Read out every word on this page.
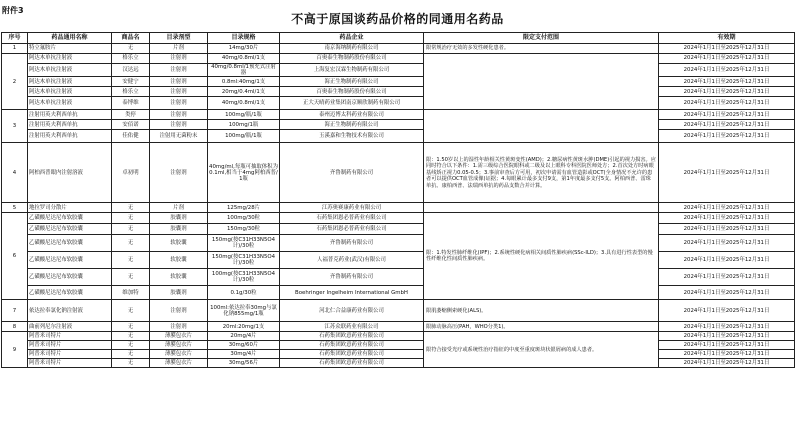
附件3
不高于原国谈药品价格的同通用名药品
序号	药品通用名称	商品名	目录剂型	目录规格	药品企业	限定支付范围	有效期
1	特立氟胺片	无	片剂	14mg/30片	南京海纳制药有限公司	限常规治疗无效的多发性硬化患者。	2024年1月1日至2025年12月31日
2	阿达木单抗注射液	格乐立	注射剂	40mg/0.8ml/1支	百奥泰生物制药股份有限公司		2024年1月1日至2025年12月31日
	阿达木单抗注射液	汉达远	注射剂	40mg/0.8ml/1预充式注射器	上海复宏汉霖生物制药有限公司		2024年1月1日至2025年12月31日
	阿达木单抗注射液	安健宁	注射剂	0.8ml:40mg/1支	海正生物制药有限公司		2024年1月1日至2025年12月31日
	阿达木单抗注射液	格乐立	注射剂	20mg/0.4ml/1支	百奥泰生物制药股份有限公司		2024年1月1日至2025年12月31日
	阿达木单抗注射液	泰博维	注射剂	40mg/0.8ml/1支	正大天晴药业集团南京顺欣制药有限公司		2024年1月1日至2025年12月31日
3	注射用英夫利西单抗	类停	注射剂	100mg/瓶/1瓶	泰州迈博太科药业有限公司		2024年1月1日至2025年12月31日
	注射用英夫利西单抗	安佰诺	注射剂	100mg/1瓶	海正生物制药有限公司		2024年1月1日至2025年12月31日
	注射用英夫利西单抗	佳佑健	注射用无菌粉末	100mg/瓶/1瓶	玉溪嘉和生物技术有限公司		2024年1月1日至2025年12月31日
4	阿柏西普眼内注射溶液	卓初明	注射剂	40mg/ml,每瓶可抽取体积为0.1ml,相当于4mg阿柏西普/1瓶	齐鲁制药有限公司	限：1.50岁以上的湿性年龄相关性黄斑变性(AMD)；2.糖尿病性黄斑水肿(DME)引起的视力损害。应同时符合以下条件：1.需三级综合医院眼科或二级及以上眼科专科医院医师处方；2.首次处方时病眼基线矫正视力0.05-0.5；3.事前审查后方可用，初次申请需有血管造影或OCT(全身情况不允许的患者可以提供OCT血管成像)证据；4.每眼累计最多支付9支，第1年度最多支付5支。阿柏西普、雷珠单抗、康柏西普、法瑞西单抗的药品支数合并计算。	2024年1月1日至2025年12月31日
5	地拉罗司分散片	无	片剂	125mg/28片	江苏奥赛康药业有限公司		2024年1月1日至2025年12月31日
6	乙磺酸尼达尼布软胶囊	无	胶囊剂	100mg/30粒	石药集团恩必普药业有限公司	限：1.特发性肺纤维化(IPF)；2.系统性硬化病相关间质性肺疾病(SSc-ILD)；3.具有进行性表型的慢性纤维化性间质性肺疾病。	2024年1月1日至2025年12月31日
	乙磺酸尼达尼布软胶囊	无	胶囊剂	150mg/30粒	石药集团恩必普药业有限公司		2024年1月1日至2025年12月31日
	乙磺酸尼达尼布软胶囊	无	软胶囊	150mg(按C31H33N5O4计)/30粒	齐鲁制药有限公司		2024年1月1日至2025年12月31日
	乙磺酸尼达尼布软胶囊	无	软胶囊	150mg(按C31H33N5O4计)/30粒	人福普克药业(武汉)有限公司		2024年1月1日至2025年12月31日
	乙磺酸尼达尼布软胶囊	无	软胶囊	100mg(按C31H33N5O4计)/30粒	齐鲁制药有限公司		2024年1月1日至2025年12月31日
	乙磺酸尼达尼布软胶囊	维加特	胶囊剂	0.1g/30粒	Boehringer Ingelheim International GmbH		2024年1月1日至2025年12月31日
7	依达拉奉氯化钠注射液	无	注射剂	100ml:依达拉奉30mg与氯化钠855mg/1瓶	河北仁合益康药业有限公司	限肌萎缩侧索硬化(ALS)。	2024年1月1日至2025年12月31日
8	曲前列尼尔注射液	无	注射剂	20ml:20mg/1支	江苏众联药业有限公司	限肺动脉高压(PAH，WHO分类1)。	2024年1月1日至2025年12月31日
9	阿普米司特片	无	薄膜包衣片	20mg/4片	石药集团欧意药业有限公司	限符合接受光疗或系统性治疗指征的中度至重度斑块状银屑病的成人患者。	2024年1月1日至2025年12月31日
	阿普米司特片	无	薄膜包衣片	30mg/60片	石药集团欧意药业有限公司		2024年1月1日至2025年12月31日
	阿普米司特片	无	薄膜包衣片	30mg/4片	石药集团欧意药业有限公司		2024年1月1日至2025年12月31日
	阿普米司特片	无	薄膜包衣片	30mg/56片	石药集团欧意药业有限公司		2024年1月1日至2025年12月31日
